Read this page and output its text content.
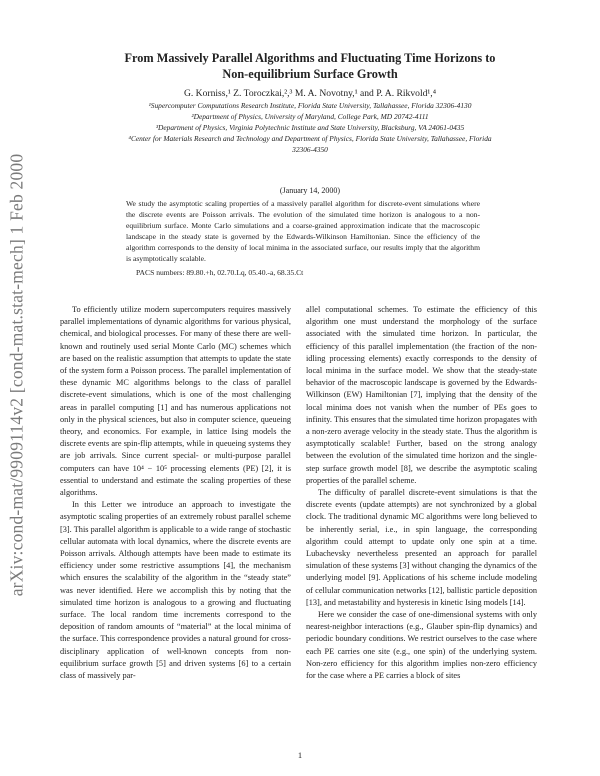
arXiv:cond-mat/9909114v2 [cond-mat.stat-mech] 1 Feb 2000
From Massively Parallel Algorithms and Fluctuating Time Horizons to
Non-equilibrium Surface Growth
G. Korniss,¹ Z. Toroczkai,²,³ M. A. Novotny,¹ and P. A. Rikvold¹,⁴
¹Supercomputer Computations Research Institute, Florida State University, Tallahassee, Florida 32306-4130
²Department of Physics, University of Maryland, College Park, MD 20742-4111
³Department of Physics, Virginia Polytechnic Institute and State University, Blacksburg, VA 24061-0435
⁴Center for Materials Research and Technology and Department of Physics, Florida State University, Tallahassee, Florida
32306-4350
(January 14, 2000)
We study the asymptotic scaling properties of a massively parallel algorithm for discrete-event simulations where the discrete events are Poisson arrivals. The evolution of the simulated time horizon is analogous to a non-equilibrium surface. Monte Carlo simulations and a coarse-grained approximation indicate that the macroscopic landscape in the steady state is governed by the Edwards-Wilkinson Hamiltonian. Since the efficiency of the algorithm corresponds to the density of local minima in the associated surface, our results imply that the algorithm is asymptotically scalable.
PACS numbers: 89.80.+h, 02.70.Lq, 05.40.-a, 68.35.Ct

To efficiently utilize modern supercomputers requires massively parallel implementations of dynamic algorithms for various physical, chemical, and biological processes. For many of these there are well-known and routinely used serial Monte Carlo (MC) schemes which are based on the realistic assumption that attempts to update the state of the system form a Poisson process. The parallel implementation of these dynamic MC algorithms belongs to the class of parallel discrete-event simulations, which is one of the most challenging areas in parallel computing [1] and has numerous applications not only in the physical sciences, but also in computer science, queueing theory, and economics. For example, in lattice Ising models the discrete events are spin-flip attempts, while in queueing systems they are job arrivals. Since current special- or multi-purpose parallel computers can have 10⁴ − 10⁵ processing elements (PE) [2], it is essential to understand and estimate the scaling properties of these algorithms.

In this Letter we introduce an approach to investigate the asymptotic scaling properties of an extremely robust parallel scheme [3]. This parallel algorithm is applicable to a wide range of stochastic cellular automata with local dynamics, where the discrete events are Poisson arrivals. Although attempts have been made to estimate its efficiency under some restrictive assumptions [4], the mechanism which ensures the scalability of the algorithm in the “steady state” was never identified. Here we accomplish this by noting that the simulated time horizon is analogous to a growing and fluctuating surface. The local random time increments correspond to the deposition of random amounts of “material” at the local minima of the surface. This correspondence provides a natural ground for cross-disciplinary application of well-known concepts from non-equilibrium surface growth [5] and driven systems [6] to a certain class of massively par-

allel computational schemes. To estimate the efficiency of this algorithm one must understand the morphology of the surface associated with the simulated time horizon. In particular, the efficiency of this parallel implementation (the fraction of the non-idling processing elements) exactly corresponds to the density of local minima in the surface model. We show that the steady-state behavior of the macroscopic landscape is governed by the Edwards-Wilkinson (EW) Hamiltonian [7], implying that the density of the local minima does not vanish when the number of PEs goes to infinity. This ensures that the simulated time horizon propagates with a non-zero average velocity in the steady state. Thus the algorithm is asymptotically scalable! Further, based on the strong analogy between the evolution of the simulated time horizon and the single-step surface growth model [8], we describe the asymptotic scaling properties of the parallel scheme.

The difficulty of parallel discrete-event simulations is that the discrete events (update attempts) are not synchronized by a global clock. The traditional dynamic MC algorithms were long believed to be inherently serial, i.e., in spin language, the corresponding algorithm could attempt to update only one spin at a time. Lubachevsky nevertheless presented an approach for parallel simulation of these systems [3] without changing the dynamics of the underlying model [9]. Applications of his scheme include modeling of cellular communication networks [12], ballistic particle deposition [13], and metastability and hysteresis in kinetic Ising models [14].

Here we consider the case of one-dimensional systems with only nearest-neighbor interactions (e.g., Glauber spin-flip dynamics) and periodic boundary conditions. We restrict ourselves to the case where each PE carries one site (e.g., one spin) of the underlying system. Non-zero efficiency for this algorithm implies non-zero efficiency for the case where a PE carries a block of sites

1
